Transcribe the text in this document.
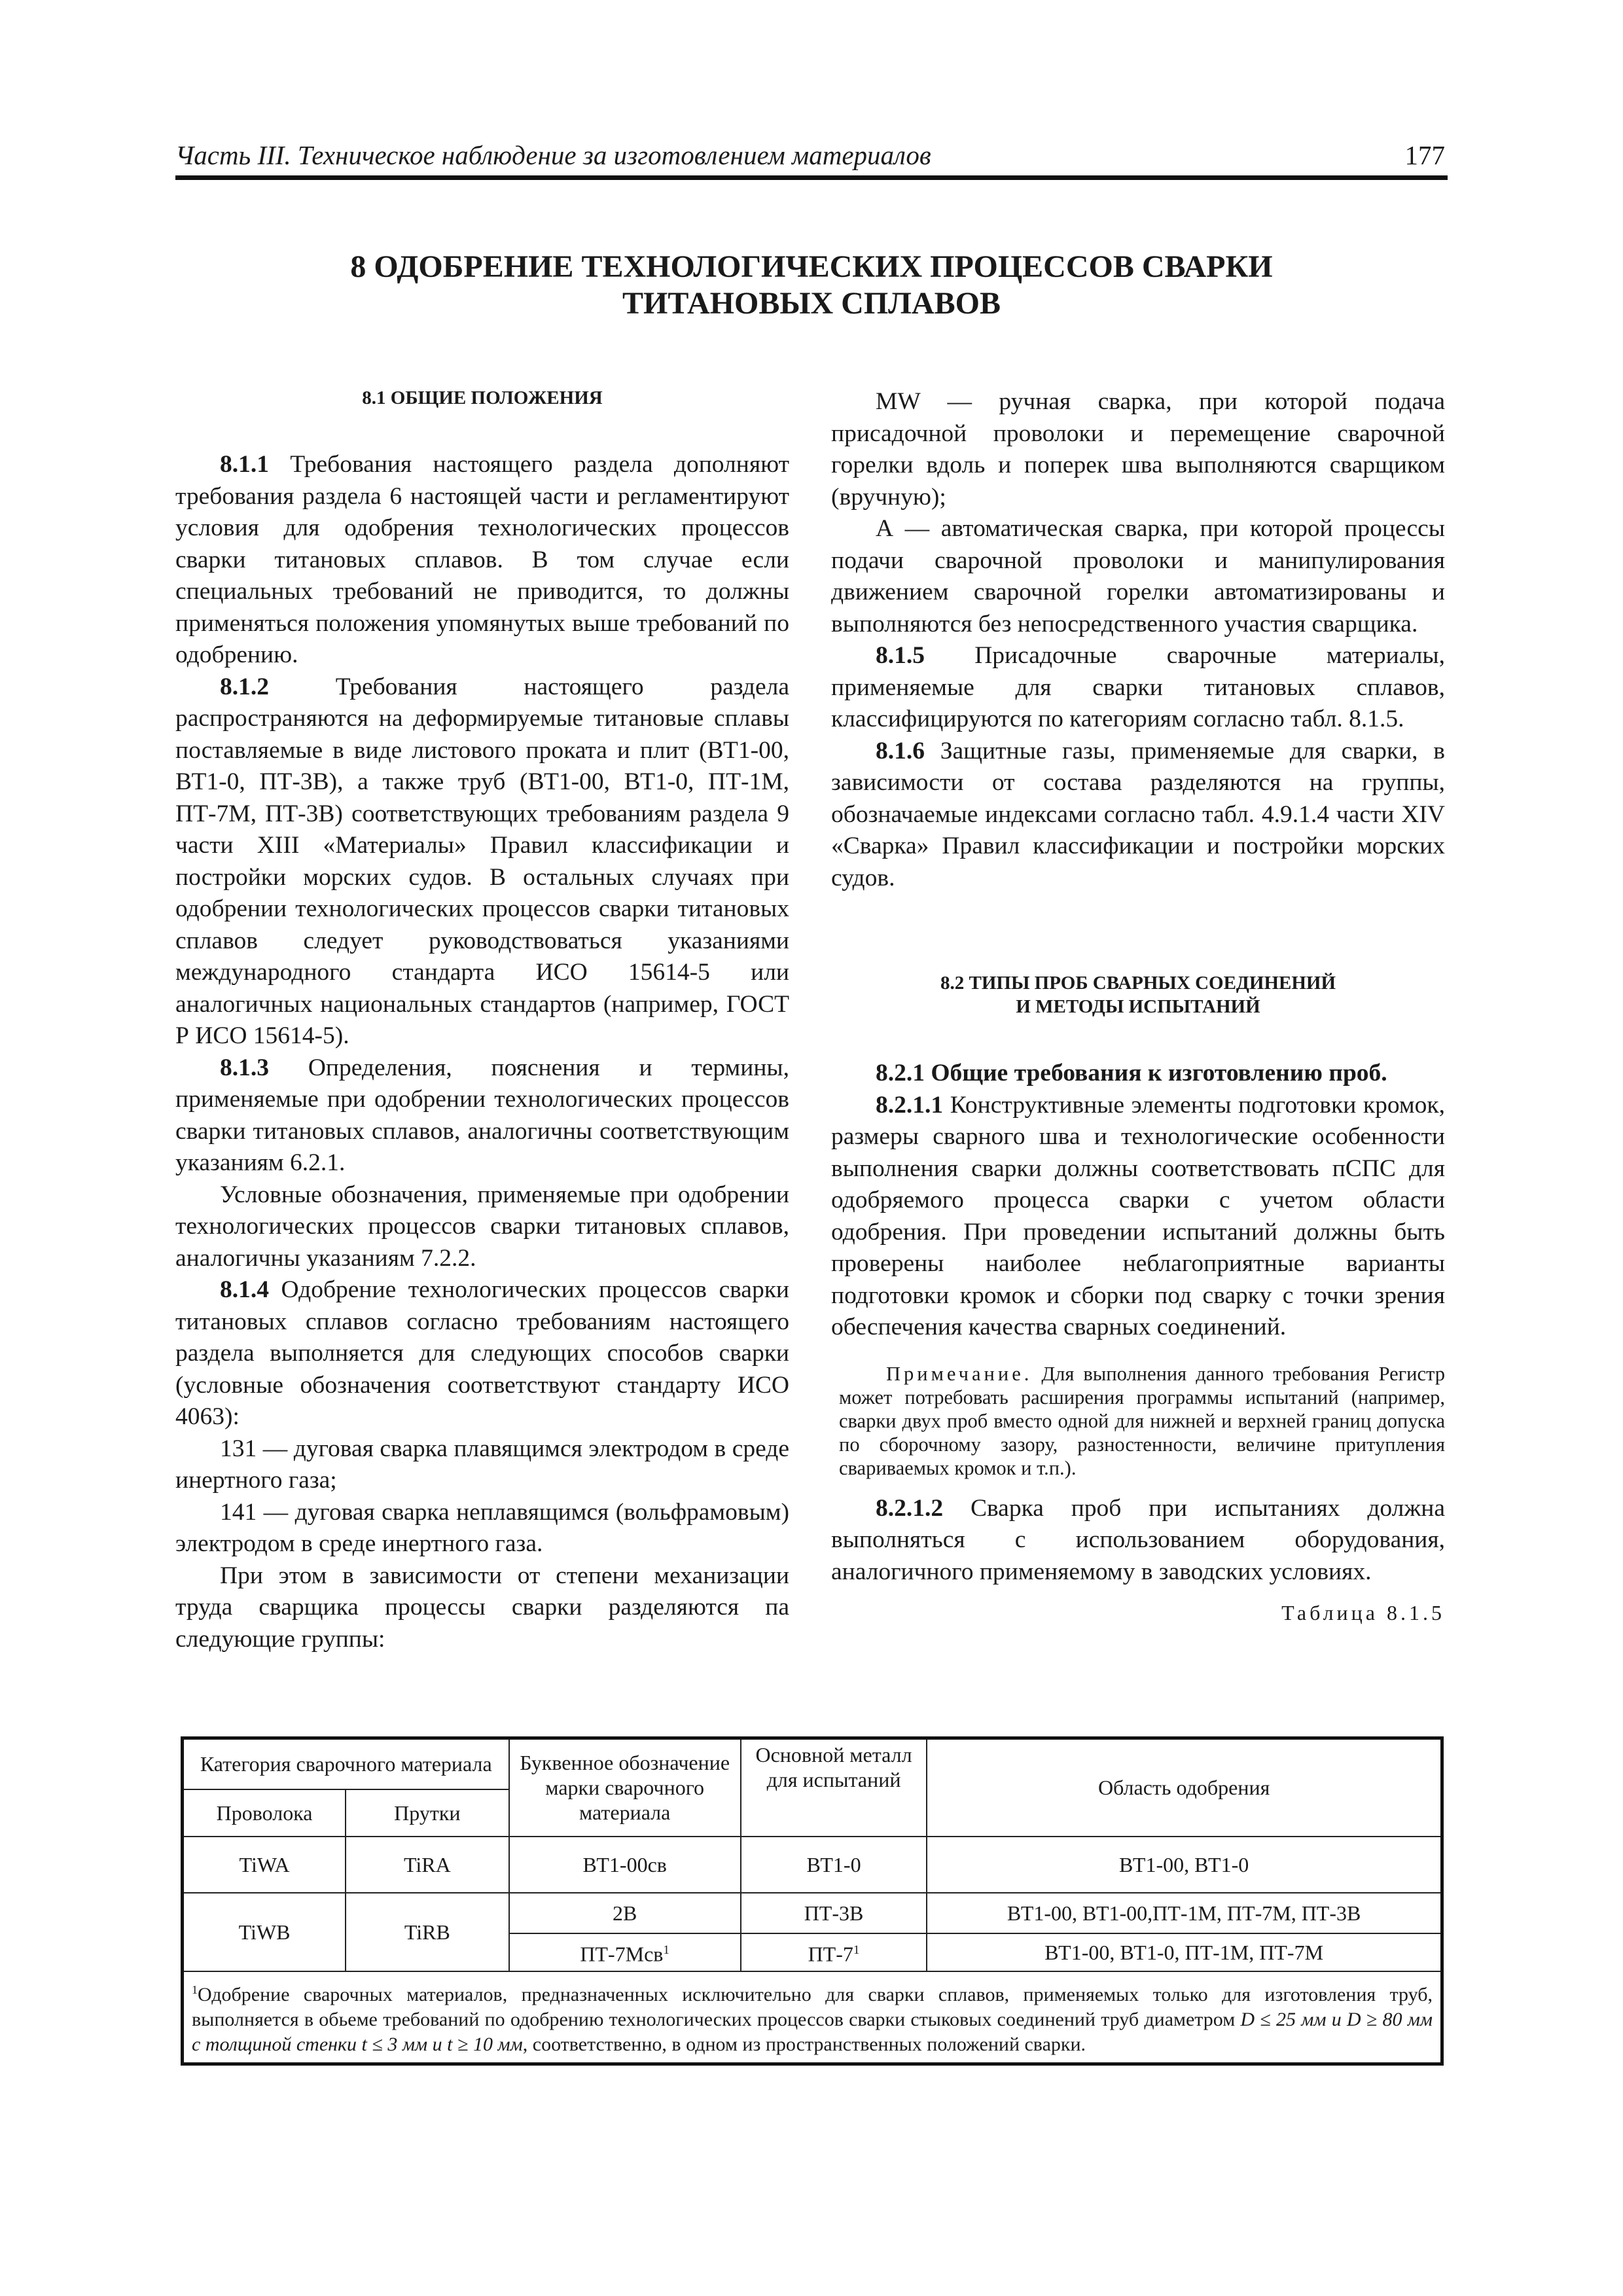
Часть III. Техническое наблюдение за изготовлением материалов	177
8 ОДОБРЕНИЕ ТЕХНОЛОГИЧЕСКИХ ПРОЦЕССОВ СВАРКИ
ТИТАНОВЫХ СПЛАВОВ

8.1 ОБЩИЕ ПОЛОЖЕНИЯ

8.1.1 Требования настоящего раздела дополняют требования раздела 6 настоящей части и регламентируют условия для одобрения технологических процессов сварки титановых сплавов. В том случае если специальных требований не приводится, то должны применяться положения упомянутых выше требований по одобрению.

8.1.2 Требования настоящего раздела распространяются на деформируемые титановые сплавы поставляемые в виде листового проката и плит (ВТ1-00, ВТ1-0, ПТ-3В), а также труб (ВТ1-00, ВТ1-0, ПТ-1М, ПТ-7М, ПТ-3В) соответствующих требованиям раздела 9 части XIII «Материалы» Правил классификации и постройки морских судов. В остальных случаях при одобрении технологических процессов сварки титановых сплавов следует руководствоваться указаниями международного стандарта ИСО 15614-5 или аналогичных национальных стандартов (например, ГОСТ Р ИСО 15614-5).

8.1.3 Определения, пояснения и термины, применяемые при одобрении технологических процессов сварки титановых сплавов, аналогичны соответствующим указаниям 6.2.1.

Условные обозначения, применяемые при одобрении технологических процессов сварки титановых сплавов, аналогичны указаниям 7.2.2.

8.1.4 Одобрение технологических процессов сварки титановых сплавов согласно требованиям настоящего раздела выполняется для следующих способов сварки (условные обозначения соответствуют стандарту ИСО 4063):

131 — дуговая сварка плавящимся электродом в среде инертного газа;

141 — дуговая сварка неплавящимся (вольфрамовым) электродом в среде инертного газа.

При этом в зависимости от степени механизации труда сварщика процессы сварки разделяются па следующие группы:

MW — ручная сварка, при которой подача присадочной проволоки и перемещение сварочной горелки вдоль и поперек шва выполняются сварщиком (вручную);

А — автоматическая сварка, при которой процессы подачи сварочной проволоки и манипулирования движением сварочной горелки автоматизированы и выполняются без непосредственного участия сварщика.

8.1.5 Присадочные сварочные материалы, применяемые для сварки титановых сплавов, классифицируются по категориям согласно табл. 8.1.5.

8.1.6 Защитные газы, применяемые для сварки, в зависимости от состава разделяются на группы, обозначаемые индексами согласно табл. 4.9.1.4 части XIV «Сварка» Правил классификации и постройки морских судов.

8.2 ТИПЫ ПРОБ СВАРНЫХ СОЕДИНЕНИЙ
И МЕТОДЫ ИСПЫТАНИЙ

8.2.1 Общие требования к изготовлению проб.

8.2.1.1 Конструктивные элементы подготовки кромок, размеры сварного шва и технологические особенности выполнения сварки должны соответствовать пСПС для одобряемого процесса сварки с учетом области одобрения. При проведении испытаний должны быть проверены наиболее неблагоприятные варианты подготовки кромок и сборки под сварку с точки зрения обеспечения качества сварных соединений.

Примечание. Для выполнения данного требования Регистр может потребовать расширения программы испытаний (например, сварки двух проб вместо одной для нижней и верхней границ допуска по сборочному зазору, разностенности, величине притупления свариваемых кромок и т.п.).

8.2.1.2 Сварка проб при испытаниях должна выполняться с использованием оборудования, аналогичного применяемому в заводских условиях.

Таблица 8.1.5

Категория сварочного материала		Буквенное обозначение марки сварочного материала	Основной металл для испытаний	Область одобрения
Проволока	Прутки			
TiWA	TiRA	ВТ1-00св	ВТ1-0	ВТ1-00, ВТ1-0
TiWB	TiRB	2В	ПТ-3В	ВТ1-00, ВТ1-00,ПТ-1М, ПТ-7М, ПТ-3В
		ПТ-7Мсв$^1$	$ПТ-7^1$	ВТ1-00, ВТ1-0, ПТ-1М, ПТ-7М
$^1$Одобрение сварочных материалов, предназначенных исключительно для сварки сплавов, применяемых только для изготовления труб, выполняется в обьеме требований по одобрению технологических процессов сварки стыковых соединений труб диаметром D ≤ 25 мм и D ≥ 80 мм с толщиной стенки t ≤ 3 мм и t ≥ 10 мм, соответственно, в одном из пространственных положений сварки.				
